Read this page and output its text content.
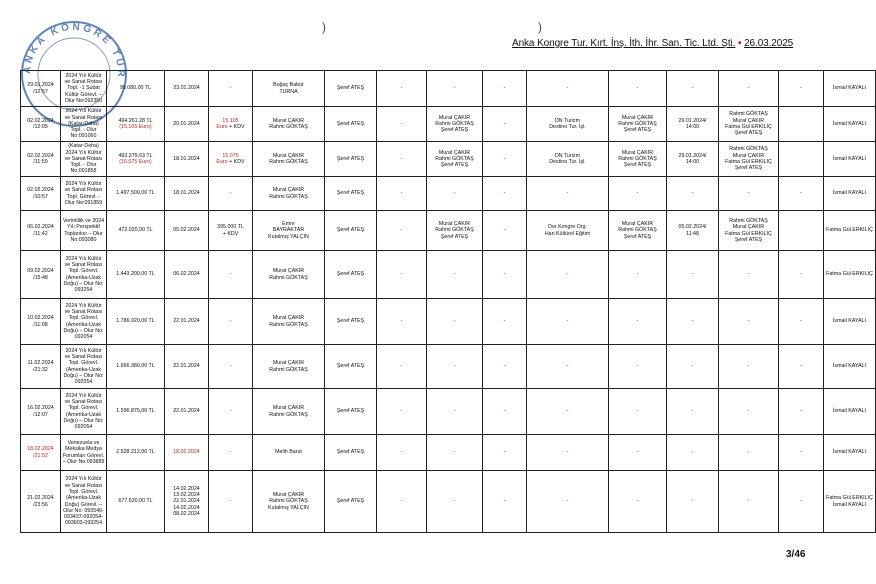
)	)
Anka Kongre Tur. Kırt. İnş. İth. İhr. San. Tic. Ltd. Şti. • 26.03.2025
ANKA KONGRE TUR
29.01.2024
/12:57	2024 Yılı Kültür ve Sanat Rotası Topl. -1 Şubat Kültür Görevl. – Olur No:092350	99.080,00 TL	23.01.2024	-	Boğaç Babür
TURNA	Şeref ATEŞ	-	-	-	-	-	-	-	-	İsmail KAYALI
02.02.2024
/12:05	2024 Yılı Kültür ve Sanat Rotası (Katar-Doha) Topl. - Olur No:091060	494.261,28 TL
(15.105 Euro)	20.01.2024	15.105
Euro + KDV	Murat ÇAKIR
Rahmi GÖKTAŞ	Şeref ATEŞ	-	Murat ÇAKIR
Rahmi GÖKTAŞ
Şeref ATEŞ	-	DN Turizm
Destino Tur. İşl.	Murat ÇAKIR
Rahmi GÖKTAŞ
Şeref ATEŞ	29.01.2024/
14:00	Rahmi GÖKTAŞ
Murat ÇAKIR
Fatma Gül ERKILIÇ
Şeref ATEŞ		İsmail KAYALI
02.02.2024
/11:59	(Katar-Doha) 2024 Yılı Kültür ve Sanat Rotası Topl. - Olur No:091858	493.279,63 TL
(15.075 Euro)	18.01.2024	15.075
Euro + KDV	Murat ÇAKIR
Rahmi GÖKTAŞ	Şeref ATEŞ	-	Murat ÇAKIR
Rahmi GÖKTAŞ
Şeref ATEŞ	-	DN Turizm
Destino Tur. İşl.	Murat ÇAKIR
Rahmi GÖKTAŞ
Şeref ATEŞ	29.01.2024/
14:00	Rahmi GÖKTAŞ
Murat ÇAKIR
Fatma Gül ERKILIÇ
Şeref ATEŞ		İsmail KAYALI
02.02.2024
/10:57	2024 Yılı Kültür ve Sanat Rotası Topl. Görevl. - Olur No:091859	1.497.500,00 TL	18.01.2024	-	Murat ÇAKIR
Rahmi GÖKTAŞ	Şeref ATEŞ	-	-	-	-	-	-	-	-	İsmail KAYALI
06.02.2024
/11:42	Verimlilik ve 2024 Yılı Perspektif Toplantısı – Olur No:093080	472.020,00 TL	05.02.2024	395.000 TL
+ KDV	Emre
BAYRAKTAR
Kutalmış YALÇIN	Şeref ATEŞ	-	Murat ÇAKIR
Rahmi GÖKTAŞ
Şeref ATEŞ	-	Dor Kongre Org.
Hari Kültürel Eğitim	Murat ÇAKIR
Rahmi GÖKTAŞ
Şeref ATEŞ	05.02.2024/
11:48	Rahmi GÖKTAŞ
Murat ÇAKIR
Fatma Gül ERKILIÇ
Şeref ATEŞ		Fatma Gül ERKILIÇ
09.02.2024
/15:48	2024 Yılı Kültür ve Sanat Rotası Topl. Görevl. (Amerika-Uzak Doğu) – Olur No: 093254	1.443.200,00 TL	06.02.2024	-	Murat ÇAKIR
Rahmi GÖKTAŞ	Şeref ATEŞ	-	-	-	-	-	-	-	-	Fatma Gül ERKILIÇ
10.02.2024
/11:08	2024 Yılı Kültür ve Sanat Rotası Topl. Görevl. (Amerika-Uzak Doğu) – Olur No: 092054	1.786.920,00 TL	22.01.2024	-	Murat ÇAKIR
Rahmi GÖKTAŞ	Şeref ATEŞ	-	-	-	-	-	-	-	-	İsmail KAYALI
11.02.2024
/21:32	2024 Yılı Kültür ve Sanat Rotası Topl. Görevl. (Amerika-Uzak Doğu) – Olur No: 092054	1.666.980,00 TL	22.01.2024	-	Murat ÇAKIR
Rahmi GÖKTAŞ	Şeref ATEŞ	-	-	-	-	-	-	-	-	İsmail KAYALI
16.02.2024
/12:07	2024 Yılı Kültür ve Sanat Rotası Topl. Görevl. (Amerika-Uzak Doğu) – Olur No: 092054	1.596.875,00 TL	22.01.2024	-	Murat ÇAKIR
Rahmi GÖKTAŞ	Şeref ATEŞ	-	-	-	-	-	-	-	-	İsmail KAYALI
18.02.2024
/21:52	Venezuela ve Meksika Medya Forumları Görevl. – Olur No:093889	2.528.212,00 TL	18.02.2024	-	Melih Barut	Şeref ATEŞ	-	-	-	-	-	-	-	-	İsmail KAYALI
21.02.2024
/23:56	2024 Yılı Kültür ve Sanat Rotası Topl. Görevl. (Amerika-Uzak Doğu) Görevl. – Olur No: 093546-093437-092054-093603-093254	677.620,00 TL	14.02.2024
13.02.2024
22.01.2024
14.02.2024
08.02.2024	-	Murat ÇAKIR
Rahmi GÖKTAŞ
Kutalmış YALÇIN	Şeref ATEŞ	-	-	-	-	-	-	-	-	Fatma Gül ERKILIÇ
İsmail KAYALI
3/46
